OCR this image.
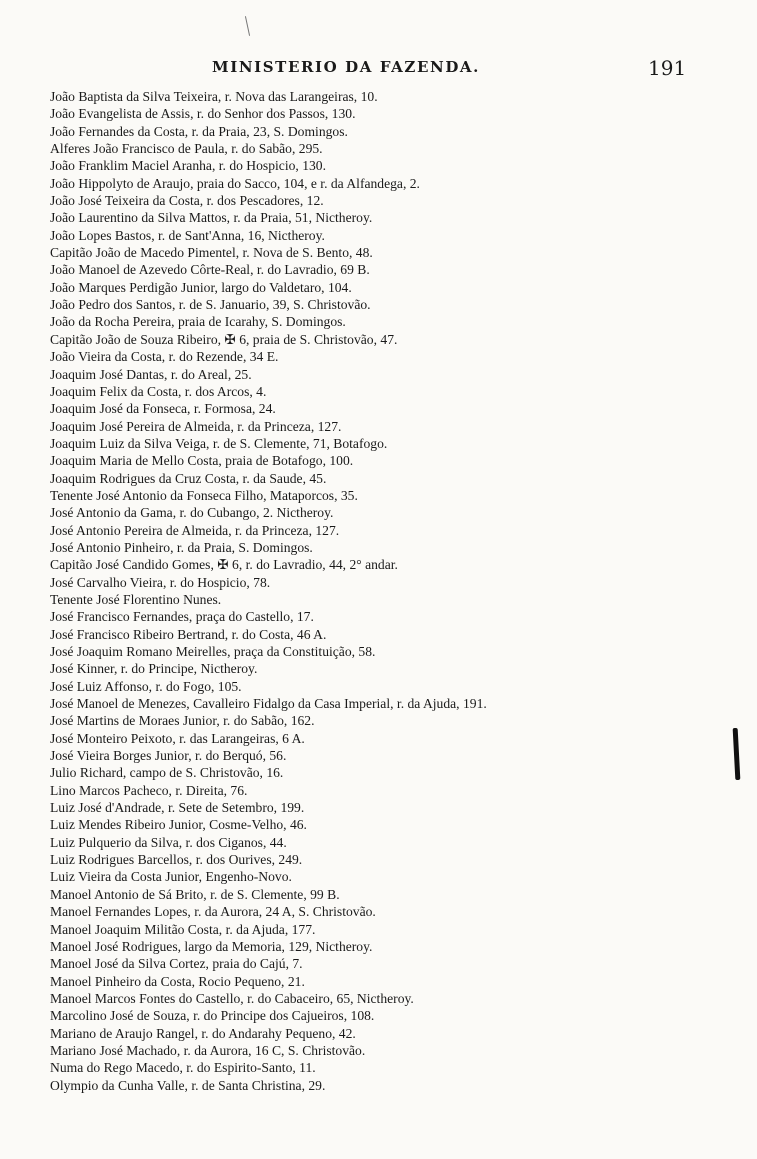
MINISTERIO DA FAZENDA.	191
João Baptista da Silva Teixeira, r. Nova das Larangeiras, 10.
João Evangelista de Assis, r. do Senhor dos Passos, 130.
João Fernandes da Costa, r. da Praia, 23, S. Domingos.
Alferes João Francisco de Paula, r. do Sabão, 295.
João Franklim Maciel Aranha, r. do Hospicio, 130.
João Hippolyto de Araujo, praia do Sacco, 104, e r. da Alfandega, 2.
João José Teixeira da Costa, r. dos Pescadores, 12.
João Laurentino da Silva Mattos, r. da Praia, 51, Nictheroy.
João Lopes Bastos, r. de Sant'Anna, 16, Nictheroy.
Capitão João de Macedo Pimentel, r. Nova de S. Bento, 48.
João Manoel de Azevedo Côrte-Real, r. do Lavradio, 69 B.
João Marques Perdigão Junior, largo do Valdetaro, 104.
João Pedro dos Santos, r. de S. Januario, 39, S. Christovão.
João da Rocha Pereira, praia de Icarahy, S. Domingos.
Capitão João de Souza Ribeiro, ✠ 6, praia de S. Christovão, 47.
João Vieira da Costa, r. do Rezende, 34 E.
Joaquim José Dantas, r. do Areal, 25.
Joaquim Felix da Costa, r. dos Arcos, 4.
Joaquim José da Fonseca, r. Formosa, 24.
Joaquim José Pereira de Almeida, r. da Princeza, 127.
Joaquim Luiz da Silva Veiga, r. de S. Clemente, 71, Botafogo.
Joaquim Maria de Mello Costa, praia de Botafogo, 100.
Joaquim Rodrigues da Cruz Costa, r. da Saude, 45.
Tenente José Antonio da Fonseca Filho, Mataporcos, 35.
José Antonio da Gama, r. do Cubango, 2. Nictheroy.
José Antonio Pereira de Almeida, r. da Princeza, 127.
José Antonio Pinheiro, r. da Praia, S. Domingos.
Capitão José Candido Gomes, ✠ 6, r. do Lavradio, 44, 2° andar.
José Carvalho Vieira, r. do Hospicio, 78.
Tenente José Florentino Nunes.
José Francisco Fernandes, praça do Castello, 17.
José Francisco Ribeiro Bertrand, r. do Costa, 46 A.
José Joaquim Romano Meirelles, praça da Constituição, 58.
José Kinner, r. do Principe, Nictheroy.
José Luiz Affonso, r. do Fogo, 105.
José Manoel de Menezes, Cavalleiro Fidalgo da Casa Imperial, r. da Ajuda, 191.
José Martins de Moraes Junior, r. do Sabão, 162.
José Monteiro Peixoto, r. das Larangeiras, 6 A.
José Vieira Borges Junior, r. do Berquó, 56.
Julio Richard, campo de S. Christovão, 16.
Lino Marcos Pacheco, r. Direita, 76.
Luiz José d'Andrade, r. Sete de Setembro, 199.
Luiz Mendes Ribeiro Junior, Cosme-Velho, 46.
Luiz Pulquerio da Silva, r. dos Ciganos, 44.
Luiz Rodrigues Barcellos, r. dos Ourives, 249.
Luiz Vieira da Costa Junior, Engenho-Novo.
Manoel Antonio de Sá Brito, r. de S. Clemente, 99 B.
Manoel Fernandes Lopes, r. da Aurora, 24 A, S. Christovão.
Manoel Joaquim Militão Costa, r. da Ajuda, 177.
Manoel José Rodrigues, largo da Memoria, 129, Nictheroy.
Manoel José da Silva Cortez, praia do Cajú, 7.
Manoel Pinheiro da Costa, Rocio Pequeno, 21.
Manoel Marcos Fontes do Castello, r. do Cabaceiro, 65, Nictheroy.
Marcolino José de Souza, r. do Principe dos Cajueiros, 108.
Mariano de Araujo Rangel, r. do Andarahy Pequeno, 42.
Mariano José Machado, r. da Aurora, 16 C, S. Christovão.
Numa do Rego Macedo, r. do Espirito-Santo, 11.
Olympio da Cunha Valle, r. de Santa Christina, 29.
